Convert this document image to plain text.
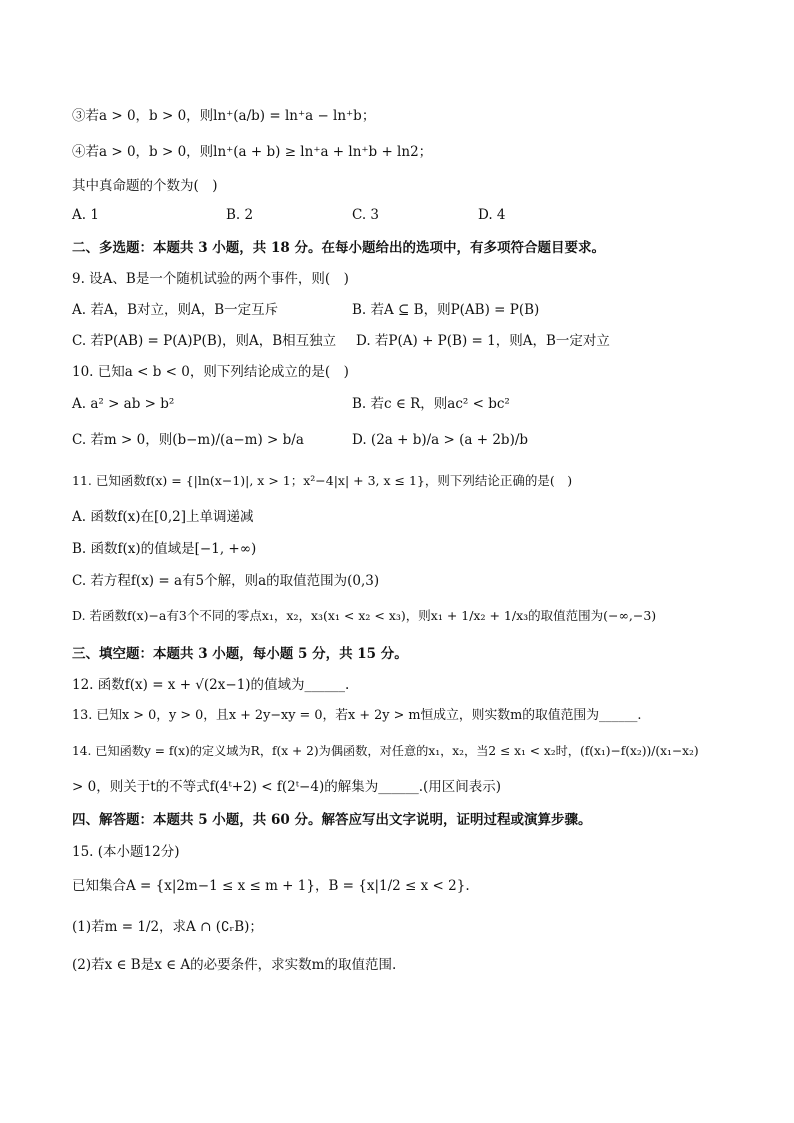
③若a > 0，b > 0，则ln⁺(a/b) = ln⁺a − ln⁺b；
④若a > 0，b > 0，则ln⁺(a + b) ≥ ln⁺a + ln⁺b + ln2；
其中真命题的个数为(　)
A. 1	B. 2	C. 3	D. 4
二、多选题：本题共 3 小题，共 18 分。在每小题给出的选项中，有多项符合题目要求。
9. 设A、B是一个随机试验的两个事件，则(　)
A. 若A，B对立，则A，B一定互斥	B. 若A ⊆ B，则P(AB) = P(B)
C. 若P(AB) = P(A)P(B)，则A，B相互独立 D. 若P(A) + P(B) = 1，则A，B一定对立
10. 已知a < b < 0，则下列结论成立的是(　)
A. a² > ab > b²	B. 若c ∈ R，则ac² < bc²
C. 若m > 0，则(b−m)/(a−m) > b/a	D. (2a + b)/a > (a + 2b)/b
11. 已知函数f(x) = {|ln(x−1)|, x > 1；x²−4|x| + 3, x ≤ 1}，则下列结论正确的是(　)
A. 函数f(x)在[0,2]上单调递减
B. 函数f(x)的值域是[−1, +∞)
C. 若方程f(x) = a有5个解，则a的取值范围为(0,3)
D. 若函数f(x)−a有3个不同的零点x₁，x₂，x₃(x₁ < x₂ < x₃)，则x₁ + 1/x₂ + 1/x₃的取值范围为(−∞,−3)
三、填空题：本题共 3 小题，每小题 5 分，共 15 分。
12. 函数f(x) = x + √(2x−1)的值域为______.
13. 已知x > 0，y > 0，且x + 2y−xy = 0，若x + 2y > m恒成立，则实数m的取值范围为______.
14. 已知函数y = f(x)的定义域为R，f(x + 2)为偶函数，对任意的x₁，x₂，当2 ≤ x₁ < x₂时，(f(x₁)−f(x₂))/(x₁−x₂)
> 0，则关于t的不等式f(4ᵗ+2) < f(2ᵗ−4)的解集为______.(用区间表示)
四、解答题：本题共 5 小题，共 60 分。解答应写出文字说明，证明过程或演算步骤。
15. (本小题12分)
已知集合A = {x|2m−1 ≤ x ≤ m + 1}，B = {x|1/2 ≤ x < 2}.
(1)若m = 1/2，求A ∩ (∁ᵣB)；
(2)若x ∈ B是x ∈ A的必要条件，求实数m的取值范围.
